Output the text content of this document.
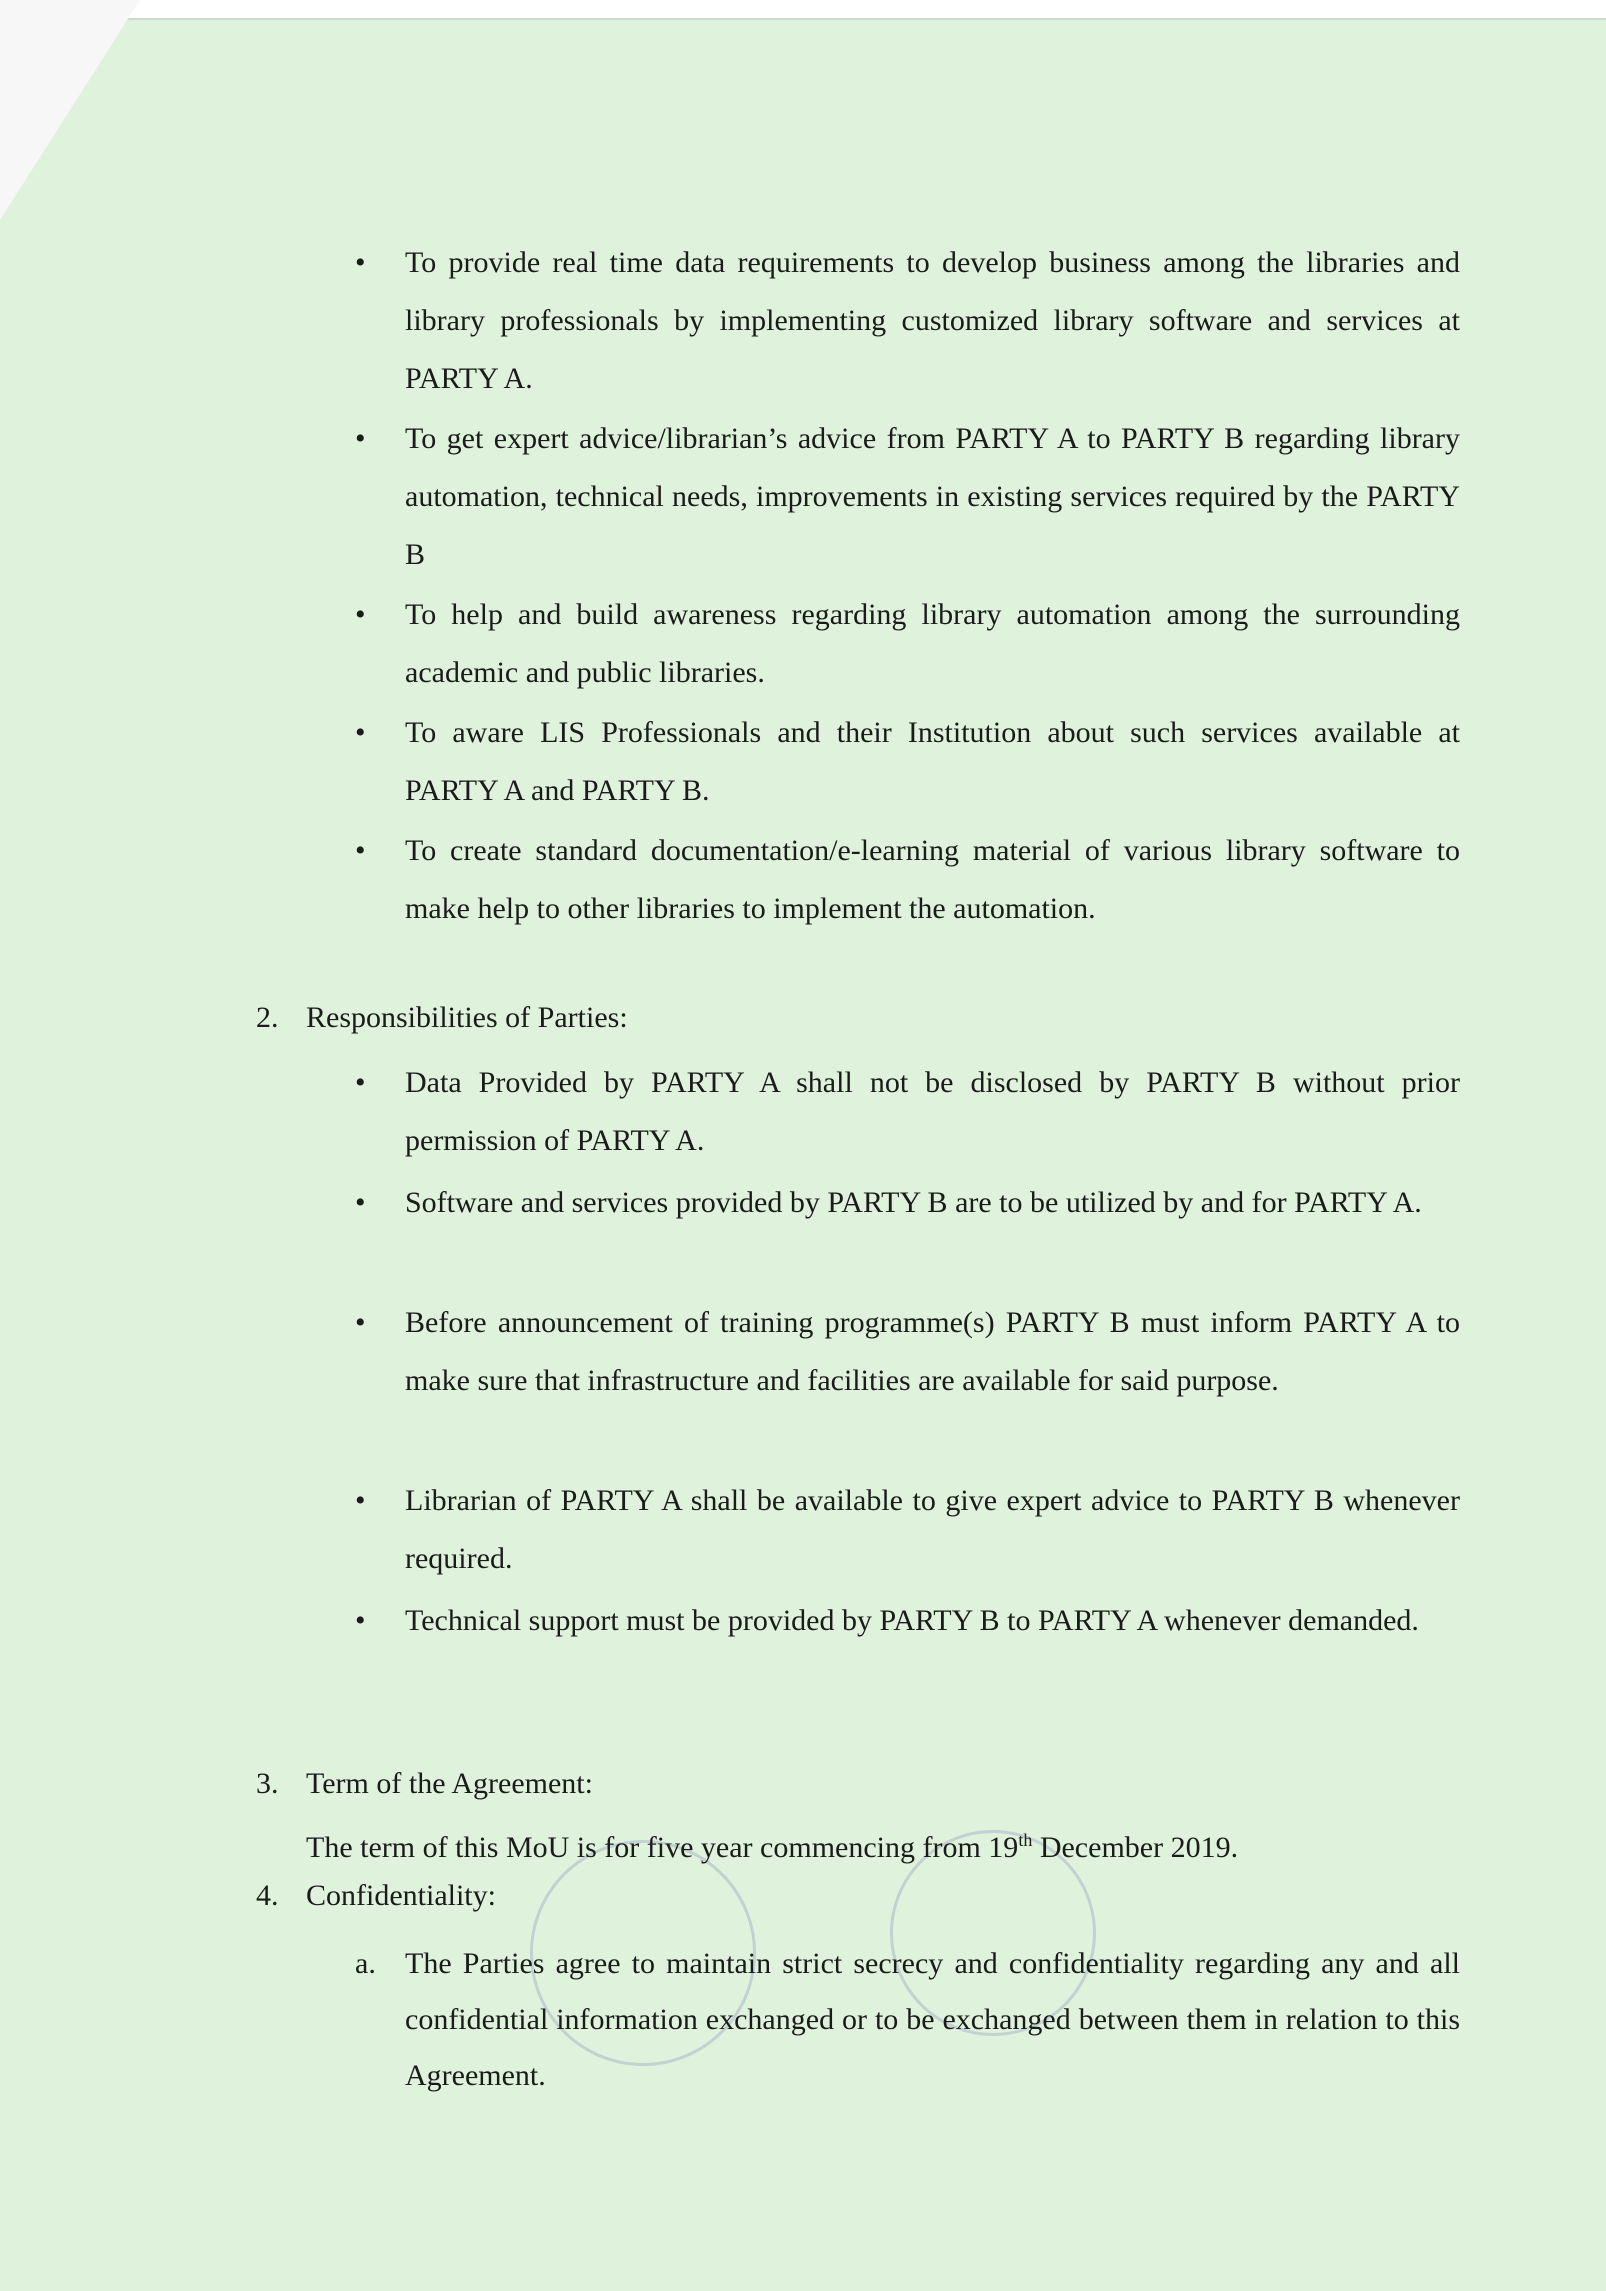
• To provide real time data requirements to develop business among the libraries and library professionals by implementing customized library software and services at PARTY A.
• To get expert advice/librarian’s advice from PARTY A to PARTY B regarding library automation, technical needs, improvements in existing services required by the PARTY B
• To help and build awareness regarding library automation among the surrounding academic and public libraries.
• To aware LIS Professionals and their Institution about such services available at PARTY A and PARTY B.
• To create standard documentation/e-learning material of various library software to make help to other libraries to implement the automation.
2. Responsibilities of Parties:
• Data Provided by PARTY A shall not be disclosed by PARTY B without prior permission of PARTY A.
• Software and services provided by PARTY B are to be utilized by and for PARTY A.
• Before announcement of training programme(s) PARTY B must inform PARTY A to make sure that infrastructure and facilities are available for said purpose.
• Librarian of PARTY A shall be available to give expert advice to PARTY B whenever required.
• Technical support must be provided by PARTY B to PARTY A whenever demanded.
3. Term of the Agreement:
The term of this MoU is for five year commencing from 19th December 2019.
4. Confidentiality:
a. The Parties agree to maintain strict secrecy and confidentiality regarding any and all confidential information exchanged or to be exchanged between them in relation to this Agreement.
